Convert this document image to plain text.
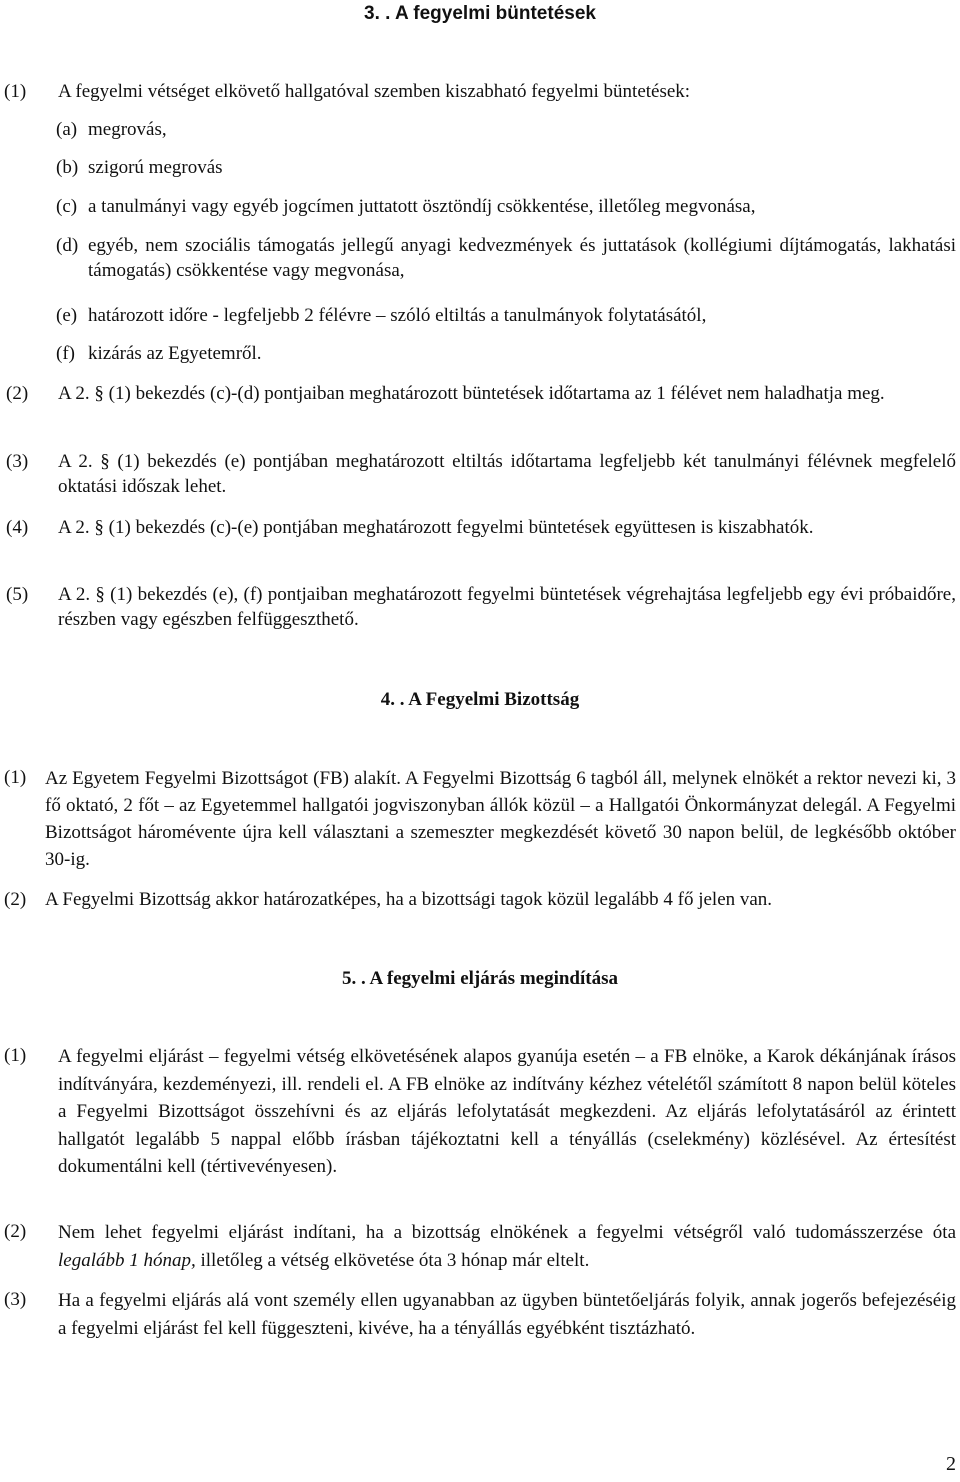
3. . A fegyelmi büntetések
(1) A fegyelmi vétséget elkövető hallgatóval szemben kiszabható fegyelmi büntetések:
(a) megrovás,
(b) szigorú megrovás
(c) a tanulmányi vagy egyéb jogcímen juttatott ösztöndíj csökkentése, illetőleg megvonása,
(d) egyéb, nem szociális támogatás jellegű anyagi kedvezmények és juttatások (kollégiumi díjtámogatás, lakhatási támogatás) csökkentése vagy megvonása,
(e) határozott időre - legfeljebb 2 félévre – szóló eltiltás a tanulmányok folytatásától,
(f) kizárás az Egyetemről.
(2) A 2. § (1) bekezdés (c)-(d) pontjaiban meghatározott büntetések időtartama az 1 félévet nem haladhatja meg.
(3) A 2. § (1) bekezdés (e) pontjában meghatározott eltiltás időtartama legfeljebb két tanulmányi félévnek megfelelő oktatási időszak lehet.
(4) A 2. § (1) bekezdés (c)-(e) pontjában meghatározott fegyelmi büntetések együttesen is kiszabhatók.
(5) A 2. § (1) bekezdés (e), (f) pontjaiban meghatározott fegyelmi büntetések végrehajtása legfeljebb egy évi próbaidőre, részben vagy egészben felfüggeszthető.
4. . A Fegyelmi Bizottság
(1) Az Egyetem Fegyelmi Bizottságot (FB) alakít. A Fegyelmi Bizottság 6 tagból áll, melynek elnökét a rektor nevezi ki, 3 fő oktató, 2 főt – az Egyetemmel hallgatói jogviszonyban állók közül – a Hallgatói Önkormányzat delegál. A Fegyelmi Bizottságot háromévente újra kell választani a szemeszter megkezdését követő 30 napon belül, de legkésőbb október 30-ig.
(2) A Fegyelmi Bizottság akkor határozatképes, ha a bizottsági tagok közül legalább 4 fő jelen van.
5. . A fegyelmi eljárás megindítása
(1) A fegyelmi eljárást – fegyelmi vétség elkövetésének alapos gyanúja esetén – a FB elnöke, a Karok dékánjának írásos indítványára, kezdeményezi, ill. rendeli el. A FB elnöke az indítvány kézhez vételétől számított 8 napon belül köteles a Fegyelmi Bizottságot összehívni és az eljárás lefolytatását megkezdeni. Az eljárás lefolytatásáról az érintett hallgatót legalább 5 nappal előbb írásban tájékoztatni kell a tényállás (cselekmény) közlésével. Az értesítést dokumentálni kell (tértivevényesen).
(2) Nem lehet fegyelmi eljárást indítani, ha a bizottság elnökének a fegyelmi vétségről való tudomásszerzése óta legalább 1 hónap, illetőleg a vétség elkövetése óta 3 hónap már eltelt.
(3) Ha a fegyelmi eljárás alá vont személy ellen ugyanabban az ügyben büntetőeljárás folyik, annak jogerős befejezéséig a fegyelmi eljárást fel kell függeszteni, kivéve, ha a tényállás egyébként tisztázható.
2
